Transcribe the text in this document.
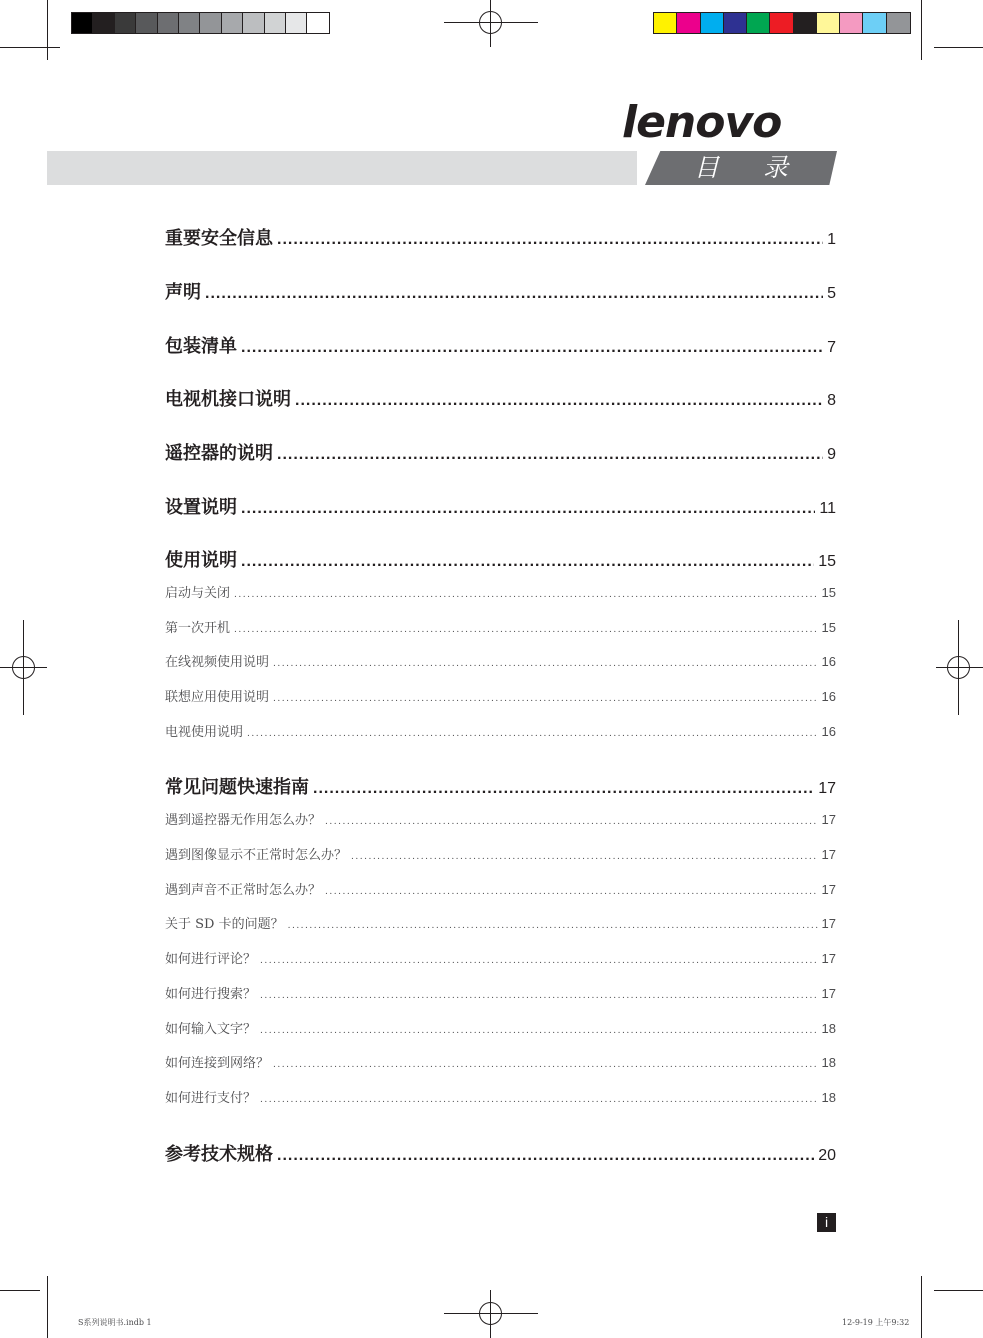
lenovo
目 录
重要安全信息 .....	1
声明 .....	5
包装清单 .....	7
电视机接口说明 .....	8
遥控器的说明 .....	9
设置说明 .....	11
使用说明 .....	15
启动与关闭 .....	15
第一次开机 .....	15
在线视频使用说明 .....	16
联想应用使用说明 .....	16
电视使用说明 .....	16
常见问题快速指南 .....	17
遇到遥控器无作用怎么办？ .....	17
遇到图像显示不正常时怎么办？ .....	17
遇到声音不正常时怎么办？ .....	17
关于 SD 卡的问题？ .....	17
如何进行评论？ .....	17
如何进行搜索？ .....	17
如何输入文字？ .....	18
如何连接到网络？ .....	18
如何进行支付？ .....	18
参考技术规格 .....	20
i
S系列说明书.indb 1	12-9-19 上午9:32
